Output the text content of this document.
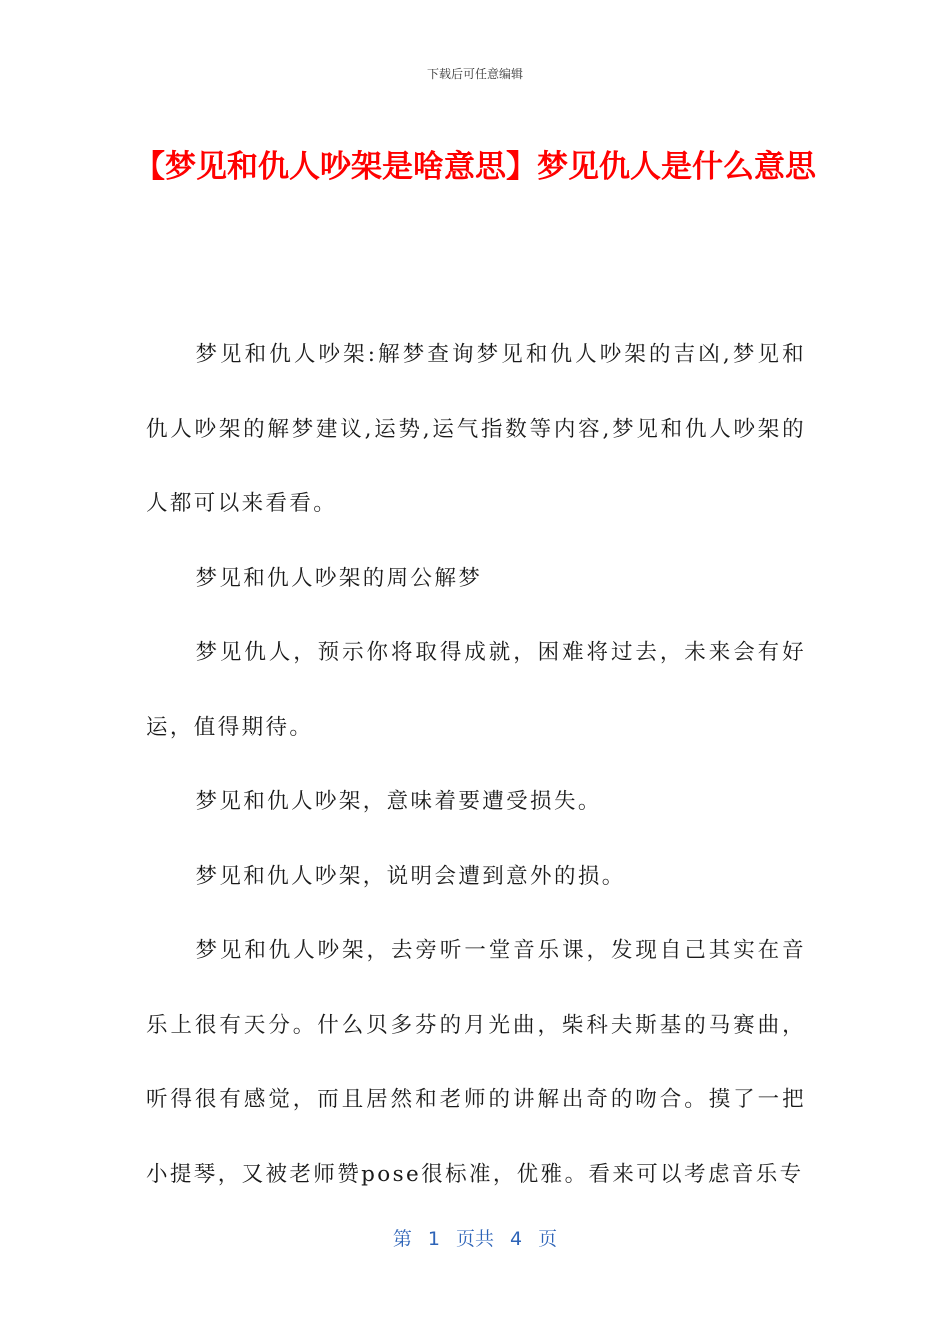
下载后可任意编辑
【梦见和仇人吵架是啥意思】梦见仇人是什么意思

梦见和仇人吵架:解梦查询梦见和仇人吵架的吉凶,梦见和仇人吵架的解梦建议,运势,运气指数等内容,梦见和仇人吵架的人都可以来看看。

梦见和仇人吵架的周公解梦

梦见仇人，预示你将取得成就，困难将过去，未来会有好运，值得期待。

梦见和仇人吵架，意味着要遭受损失。

梦见和仇人吵架，说明会遭到意外的损。

梦见和仇人吵架，去旁听一堂音乐课，发现自己其实在音乐上很有天分。什么贝多芬的月光曲，柴科夫斯基的马赛曲，听得很有感觉，而且居然和老师的讲解出奇的吻合。摸了一把小提琴，又被老师赞pose很标准，优雅。看来可以考虑音乐专

第 1 页共 4 页
